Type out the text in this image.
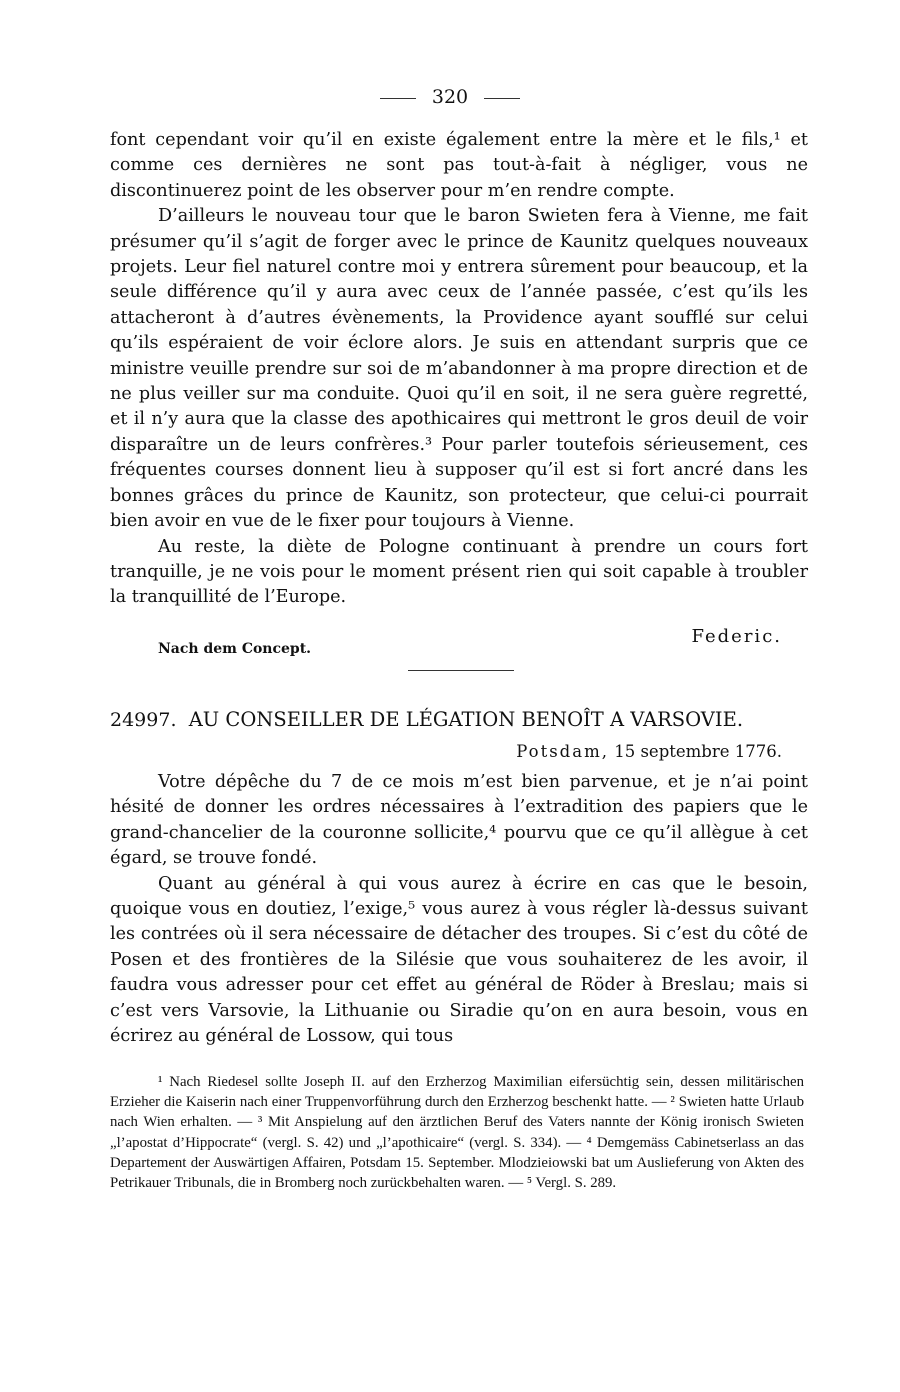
320

font cependant voir qu’il en existe également entre la mère et le fils,¹ et comme ces dernières ne sont pas tout-à-fait à négliger, vous ne discontinuerez point de les observer pour m’en rendre compte.

D’ailleurs le nouveau tour que le baron Swieten fera à Vienne, me fait présumer qu’il s’agit de forger avec le prince de Kaunitz quelques nouveaux projets. Leur fiel naturel contre moi y entrera sûrement pour beaucoup, et la seule différence qu’il y aura avec ceux de l’année passée, c’est qu’ils les attacheront à d’autres évènements, la Providence ayant soufflé sur celui qu’ils espéraient de voir éclore alors. Je suis en attendant surpris que ce ministre veuille prendre sur soi de m’abandonner à ma propre direction et de ne plus veiller sur ma conduite. Quoi qu’il en soit, il ne sera guère regretté, et il n’y aura que la classe des apothicaires qui mettront le gros deuil de voir disparaître un de leurs confrères.³ Pour parler toutefois sérieusement, ces fréquentes courses donnent lieu à supposer qu’il est si fort ancré dans les bonnes grâces du prince de Kaunitz, son protecteur, que celui-ci pourrait bien avoir en vue de le fixer pour toujours à Vienne.

Au reste, la diète de Pologne continuant à prendre un cours fort tranquille, je ne vois pour le moment présent rien qui soit capable à troubler la tranquillité de l’Europe.

Federic.
Nach dem Concept.
24997. AU CONSEILLER DE LÉGATION BENOÎT A VARSOVIE.
Potsdam, 15 septembre 1776.

Votre dépêche du 7 de ce mois m’est bien parvenue, et je n’ai point hésité de donner les ordres nécessaires à l’extradition des papiers que le grand-chancelier de la couronne sollicite,⁴ pourvu que ce qu’il allègue à cet égard, se trouve fondé.

Quant au général à qui vous aurez à écrire en cas que le besoin, quoique vous en doutiez, l’exige,⁵ vous aurez à vous régler là-dessus suivant les contrées où il sera nécessaire de détacher des troupes. Si c’est du côté de Posen et des frontières de la Silésie que vous souhaiterez de les avoir, il faudra vous adresser pour cet effet au général de Röder à Breslau; mais si c’est vers Varsovie, la Lithuanie ou Siradie qu’on en aura besoin, vous en écrirez au général de Lossow, qui tous

¹ Nach Riedesel sollte Joseph II. auf den Erzherzog Maximilian eifersüchtig sein, dessen militärischen Erzieher die Kaiserin nach einer Truppenvorführung durch den Erzherzog beschenkt hatte. — ² Swieten hatte Urlaub nach Wien erhalten. — ³ Mit Anspielung auf den ärztlichen Beruf des Vaters nannte der König ironisch Swieten „l’apostat d’Hippocrate“ (vergl. S. 42) und „l’apothicaire“ (vergl. S. 334). — ⁴ Demgemäss Cabinetserlass an das Departement der Auswärtigen Affairen, Potsdam 15. September. Mlodzieiowski bat um Auslieferung von Akten des Petrikauer Tribunals, die in Bromberg noch zurückbehalten waren. — ⁵ Vergl. S. 289.
